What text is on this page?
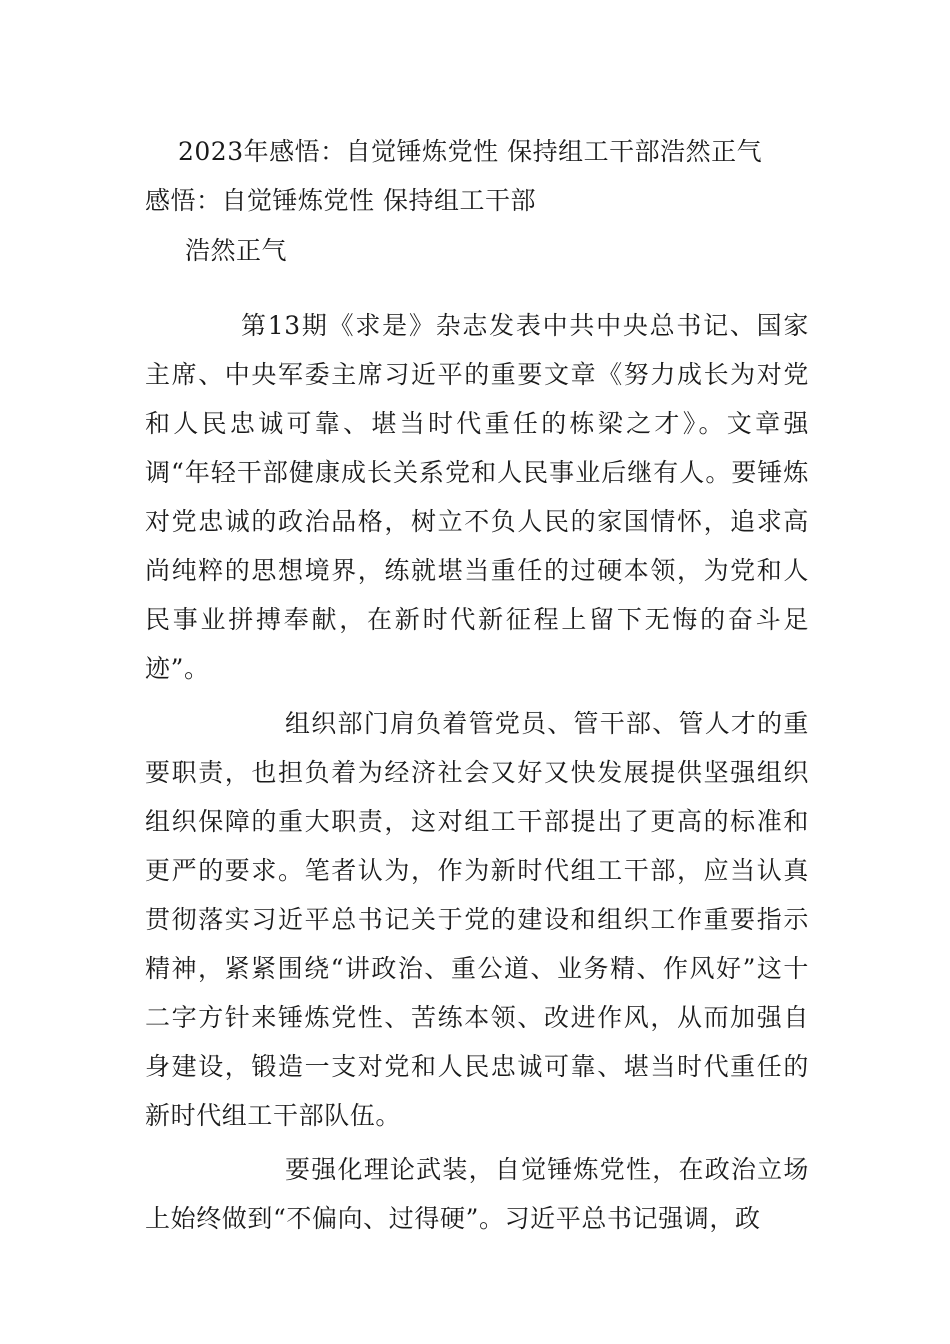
2023年感悟：自觉锤炼党性 保持组工干部浩然正气
感悟：自觉锤炼党性 保持组工干部
浩然正气

第13期《求是》杂志发表中共中央总书记、国家主席、中央军委主席习近平的重要文章《努力成长为对党和人民忠诚可靠、堪当时代重任的栋梁之才》。文章强调“年轻干部健康成长关系党和人民事业后继有人。要锤炼对党忠诚的政治品格，树立不负人民的家国情怀，追求高尚纯粹的思想境界，练就堪当重任的过硬本领，为党和人民事业拼搏奉献，在新时代新征程上留下无悔的奋斗足迹”。

组织部门肩负着管党员、管干部、管人才的重要职责，也担负着为经济社会又好又快发展提供坚强组织组织保障的重大职责，这对组工干部提出了更高的标准和更严的要求。笔者认为，作为新时代组工干部，应当认真贯彻落实习近平总书记关于党的建设和组织工作重要指示精神，紧紧围绕“讲政治、重公道、业务精、作风好”这十二字方针来锤炼党性、苦练本领、改进作风，从而加强自身建设，锻造一支对党和人民忠诚可靠、堪当时代重任的新时代组工干部队伍。

要强化理论武装，自觉锤炼党性，在政治立场上始终做到“不偏向、过得硬”。习近平总书记强调，政
